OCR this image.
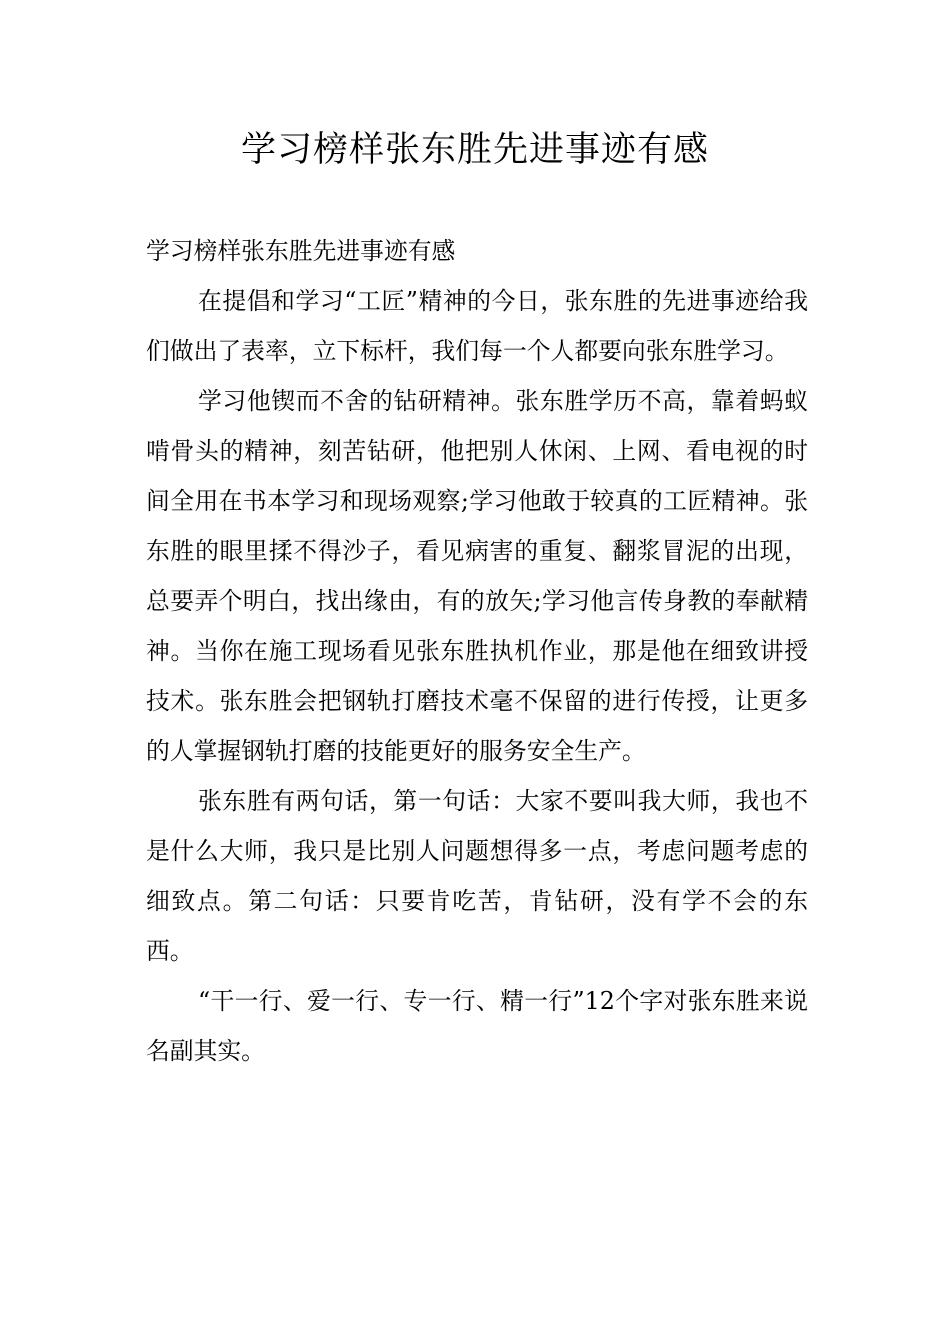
学习榜样张东胜先进事迹有感

学习榜样张东胜先进事迹有感

在提倡和学习“工匠”精神的今日，张东胜的先进事迹给我们做出了表率，立下标杆，我们每一个人都要向张东胜学习。

学习他锲而不舍的钻研精神。张东胜学历不高，靠着蚂蚁啃骨头的精神，刻苦钻研，他把别人休闲、上网、看电视的时间全用在书本学习和现场观察;学习他敢于较真的工匠精神。张东胜的眼里揉不得沙子，看见病害的重复、翻浆冒泥的出现，总要弄个明白，找出缘由，有的放矢;学习他言传身教的奉献精神。当你在施工现场看见张东胜执机作业，那是他在细致讲授技术。张东胜会把钢轨打磨技术毫不保留的进行传授，让更多的人掌握钢轨打磨的技能更好的服务安全生产。

张东胜有两句话，第一句话：大家不要叫我大师，我也不是什么大师，我只是比别人问题想得多一点，考虑问题考虑的细致点。第二句话：只要肯吃苦，肯钻研，没有学不会的东西。

“干一行、爱一行、专一行、精一行”12个字对张东胜来说名副其实。
